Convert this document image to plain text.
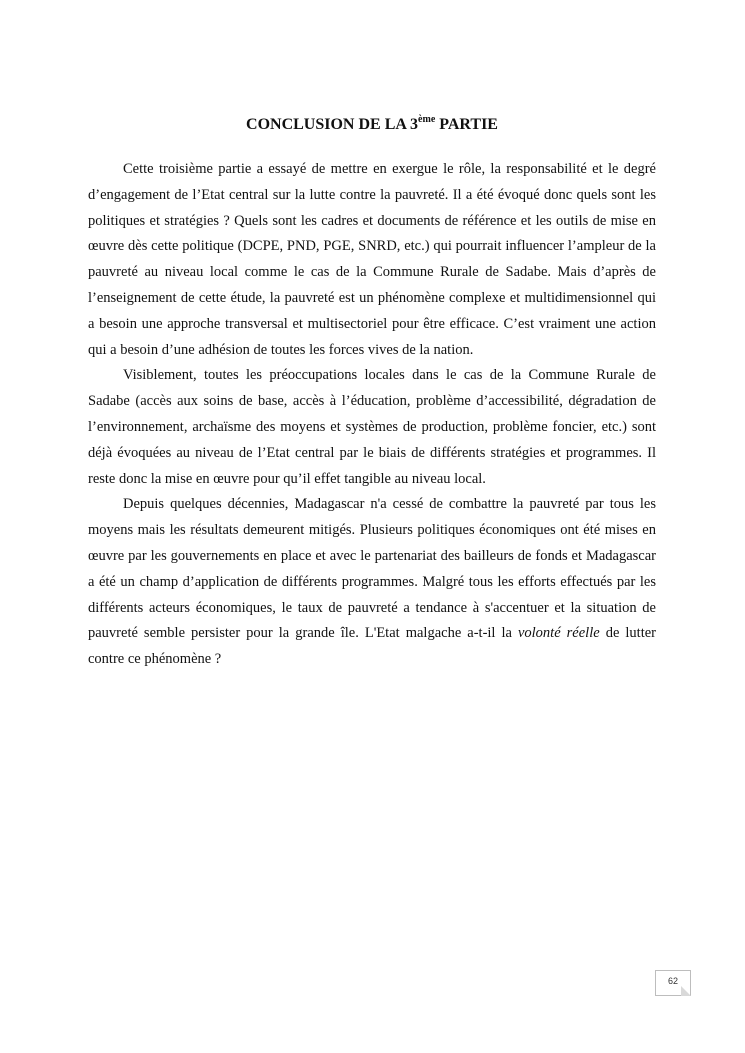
CONCLUSION DE LA 3ème PARTIE

Cette troisième partie a essayé de mettre en exergue le rôle, la responsabilité et le degré d’engagement de l’Etat central sur la lutte contre la pauvreté. Il a été évoqué donc quels sont les politiques et stratégies ? Quels sont les cadres et documents de référence et les outils de mise en œuvre dès cette politique (DCPE, PND, PGE, SNRD, etc.) qui pourrait influencer l’ampleur de la pauvreté au niveau local comme le cas de la Commune Rurale de Sadabe. Mais d’après de l’enseignement de cette étude, la pauvreté est un phénomène complexe et multidimensionnel qui a besoin une approche transversal et multisectoriel pour être efficace. C’est vraiment une action qui a besoin d’une adhésion de toutes les forces vives de la nation.

Visiblement, toutes les préoccupations locales dans le cas de la Commune Rurale de Sadabe (accès aux soins de base, accès à l’éducation, problème d’accessibilité, dégradation de l’environnement, archaïsme des moyens et systèmes de production, problème foncier, etc.) sont déjà évoquées au niveau de l’Etat central par le biais de différents stratégies et programmes. Il reste donc la mise en œuvre pour qu’il effet tangible au niveau local.

Depuis quelques décennies, Madagascar n'a cessé de combattre la pauvreté par tous les moyens mais les résultats demeurent mitigés. Plusieurs politiques économiques ont été mises en œuvre par les gouvernements en place et avec le partenariat des bailleurs de fonds et Madagascar a été un champ d’application de différents programmes. Malgré tous les efforts effectués par les différents acteurs économiques, le taux de pauvreté a tendance à s'accentuer et la situation de pauvreté semble persister pour la grande île. L'Etat malgache a-t-il la volonté réelle de lutter contre ce phénomène ?

62
